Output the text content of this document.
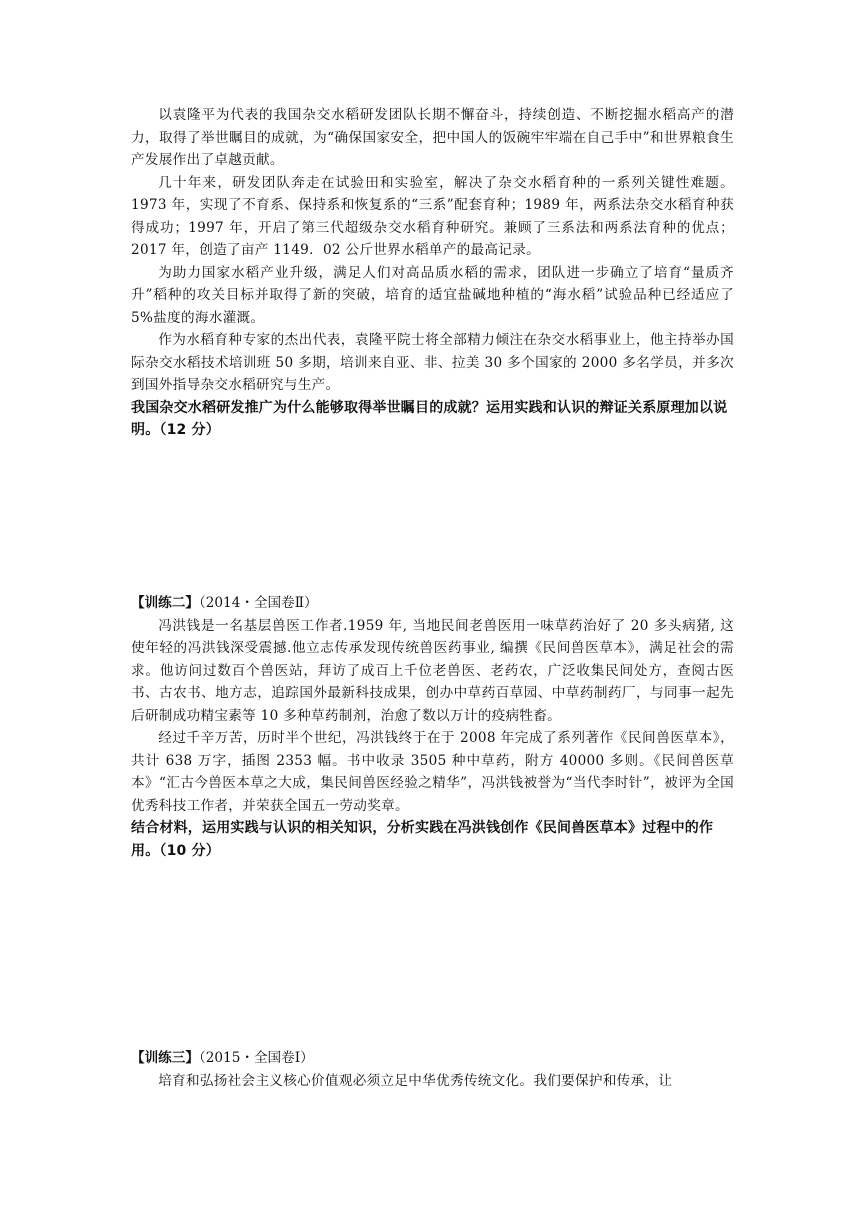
以袁隆平为代表的我国杂交水稻研发团队长期不懈奋斗，持续创造、不断挖掘水稻高产的潜力，取得了举世瞩目的成就，为“确保国家安全，把中国人的饭碗牢牢端在自己手中”和世界粮食生产发展作出了卓越贡献。

几十年来，研发团队奔走在试验田和实验室，解决了杂交水稻育种的一系列关键性难题。1973 年，实现了不育系、保持系和恢复系的“三系”配套育种；1989 年，两系法杂交水稻育种获得成功；1997 年，开启了第三代超级杂交水稻育种研究。兼顾了三系法和两系法育种的优点；2017 年，创造了亩产 1149．02 公斤世界水稻单产的最高记录。

为助力国家水稻产业升级，满足人们对高品质水稻的需求，团队进一步确立了培育“量质齐升”稻种的攻关目标并取得了新的突破，培育的适宜盐碱地种植的“海水稻”试验品种已经适应了 5%盐度的海水灌溉。

作为水稻育种专家的杰出代表，袁隆平院士将全部精力倾注在杂交水稻事业上，他主持举办国际杂交水稻技术培训班 50 多期，培训来自亚、非、拉美 30 多个国家的 2000 多名学员，并多次到国外指导杂交水稻研究与生产。

我国杂交水稻研发推广为什么能够取得举世瞩目的成就？运用实践和认识的辩证关系原理加以说明。（12 分）

【训练二】（2014・全国卷Ⅱ）

冯洪钱是一名基层兽医工作者.1959 年, 当地民间老兽医用一味草药治好了 20 多头病猪, 这使年轻的冯洪钱深受震撼.他立志传承发现传统兽医药事业, 编撰《民间兽医草本》，满足社会的需求。他访问过数百个兽医站，拜访了成百上千位老兽医、老药农，广泛收集民间处方，查阅古医书、古农书、地方志，追踪国外最新科技成果，创办中草药百草园、中草药制药厂，与同事一起先后研制成功精宝素等 10 多种草药制剂，治愈了数以万计的疫病牲畜。

经过千辛万苦，历时半个世纪，冯洪钱终于在于 2008 年完成了系列著作《民间兽医草本》，共计 638 万字，插图 2353 幅。书中收录 3505 种中草药，附方 40000 多则。《民间兽医草本》“汇古今兽医本草之大成，集民间兽医经验之精华”，冯洪钱被誉为“当代李时针”，被评为全国优秀科技工作者，并荣获全国五一劳动奖章。

结合材料，运用实践与认识的相关知识，分析实践在冯洪钱创作《民间兽医草本》过程中的作用。（10 分）

【训练三】（2015・全国卷Ⅰ）

培育和弘扬社会主义核心价值观必须立足中华优秀传统文化。我们要保护和传承，让
